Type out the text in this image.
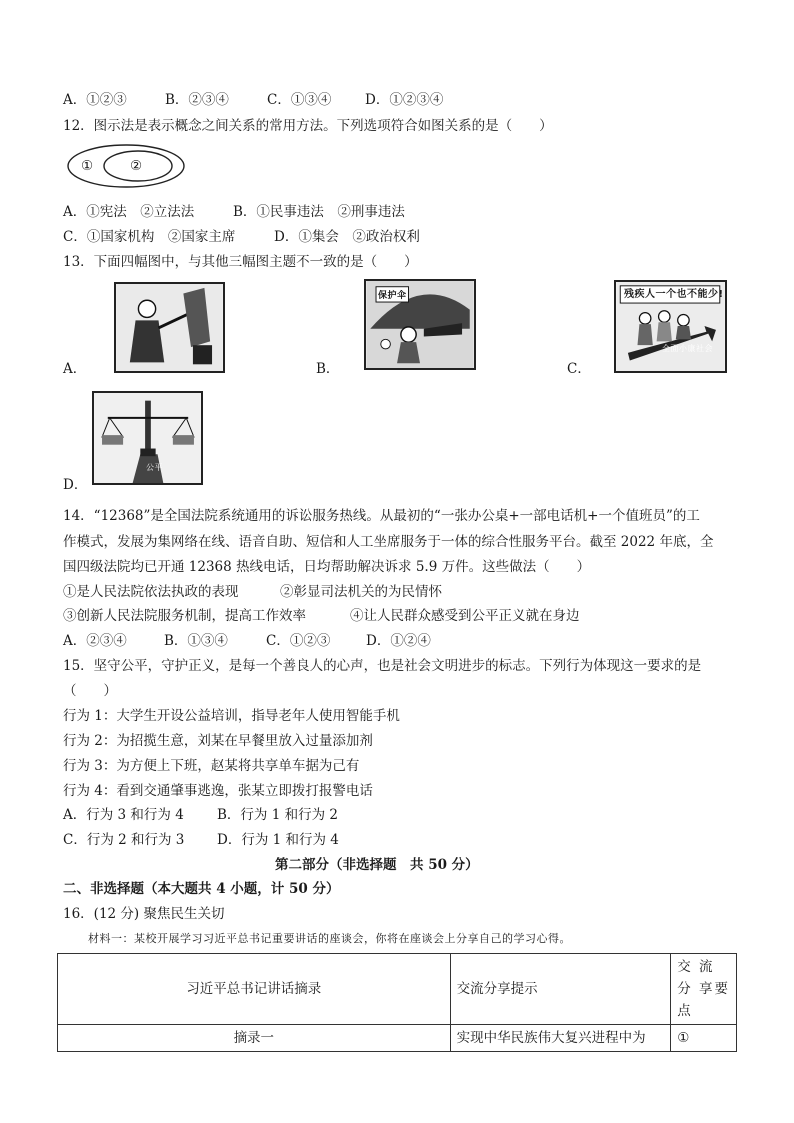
A．①②③	B．②③④	C．①③④ D．①②③④
12．图示法是表示概念之间关系的常用方法。下列选项符合如图关系的是（　　）
①	②
A．①宪法　②立法法	B．①民事违法　②刑事违法
C．①国家机构　②国家主席	D．①集会　②政治权利
13．下面四幅图中，与其他三幅图主题不一致的是（　　）
保护伞	残疾人一个也不能少!
全面小康社会
公平
A．	B．	C．
D．
14．“12368”是全国法院系统通用的诉讼服务热线。从最初的“一张办公桌+一部电话机+一个值班员”的工
作模式，发展为集网络在线、语音自助、短信和人工坐席服务于一体的综合性服务平台。截至 2022 年底，全
国四级法院均已开通 12368 热线电话，日均帮助解决诉求 5.9 万件。这些做法（　　）
①是人民法院依法执政的表现	②彰显司法机关的为民情怀
③创新人民法院服务机制，提高工作效率	④让人民群众感受到公平正义就在身边
A．②③④	B．①③④	C．①②③	D．①②④
15．坚守公平，守护正义，是每一个善良人的心声，也是社会文明进步的标志。下列行为体现这一要求的是
（　　）
行为 1：大学生开设公益培训，指导老年人使用智能手机
行为 2：为招揽生意，刘某在早餐里放入过量添加剂
行为 3：为方便上下班，赵某将共享单车据为己有
行为 4：看到交通肇事逃逸，张某立即拨打报警电话
A．行为 3 和行为 4 B．行为 1 和行为 2
C．行为 2 和行为 3 D．行为 1 和行为 4
第二部分（非选择题　共 50 分）
二、非选择题（本大题共 4 小题，计 50 分）
16．(12 分) 聚焦民生关切
材料一：某校开展学习习近平总书记重要讲话的座谈会，你将在座谈会上分享自己的学习心得。
习近平总书记讲话摘录	交流分享提示	交 流 分 享要点
摘录一	实现中华民族伟大复兴进程中为	①
